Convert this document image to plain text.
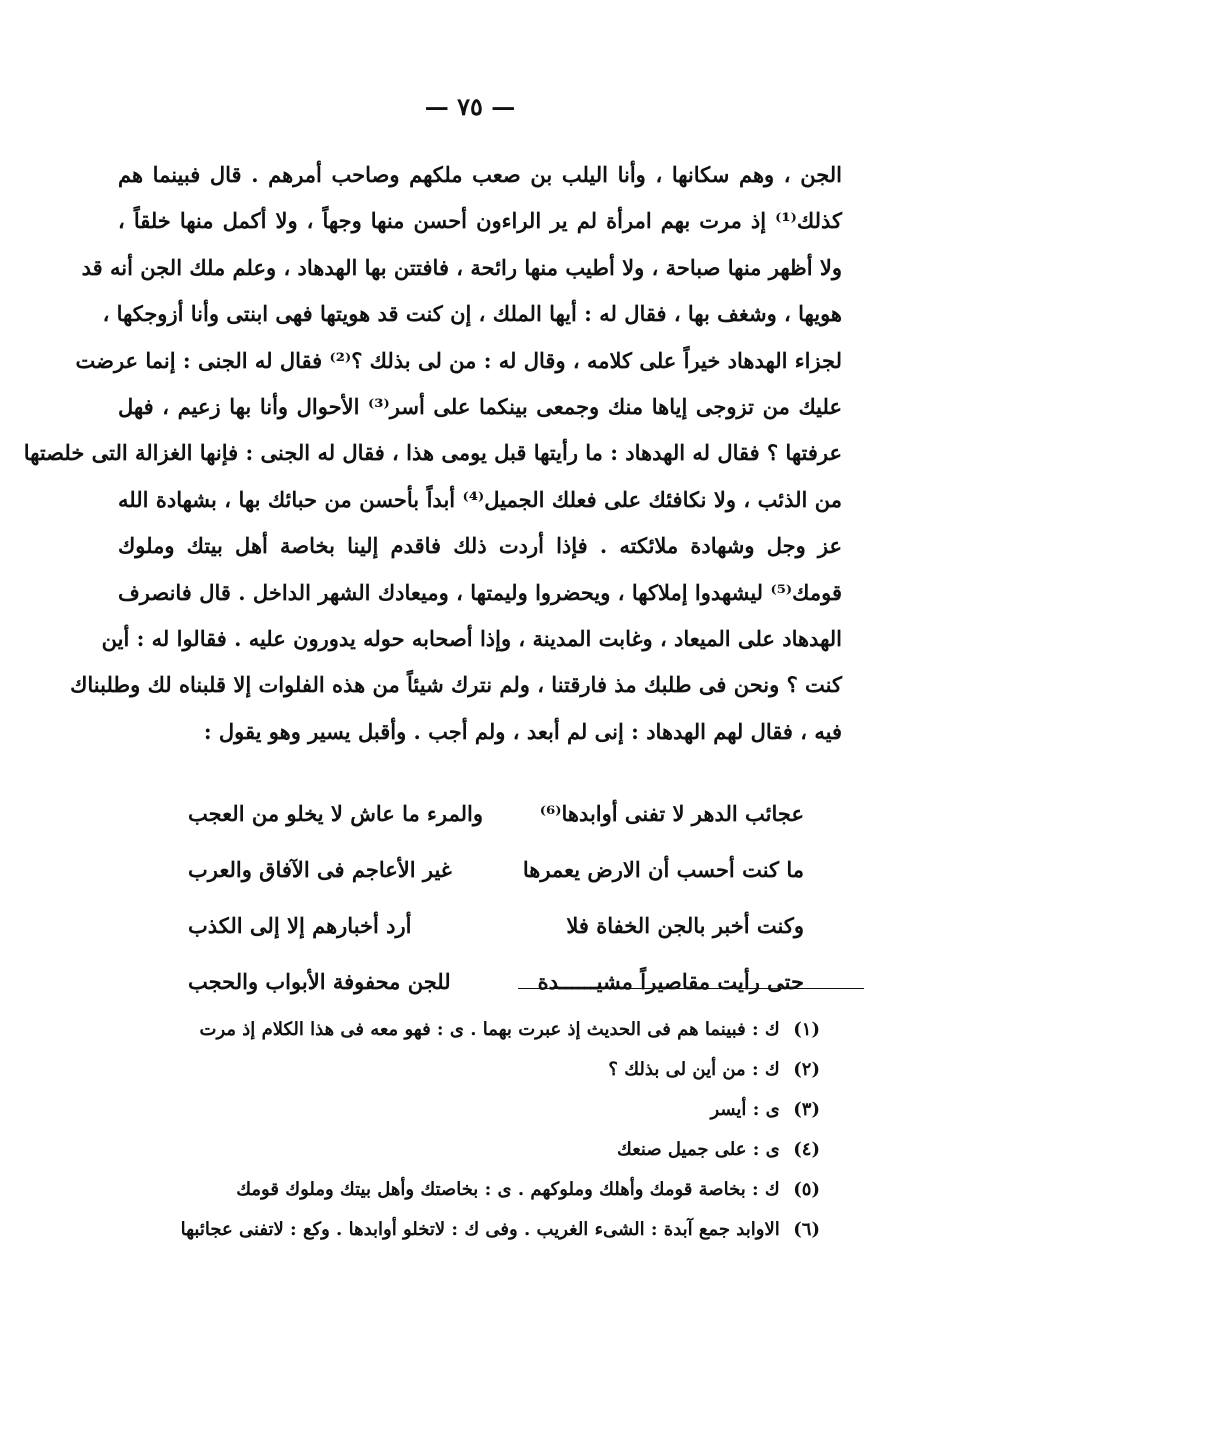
— ٧٥ —
الجن ، وهم سكانها ، وأنا اليلب بن صعب ملكهم وصاحب أمرهم . قال فبينما هم
كذلك⁽¹⁾ إذ مرت بهم امرأة لم ير الراءون أحسن منها وجهاً ، ولا أكمل منها خلقاً ،
ولا أظهر منها صباحة ، ولا أطيب منها رائحة ، فافتتن بها الهدهاد ، وعلم ملك الجن أنه قد
هويها ، وشغف بها ، فقال له : أيها الملك ، إن كنت قد هويتها فهى ابنتى وأنا أزوجكها ،
لجزاء الهدهاد خيراً على كلامه ، وقال له : من لى بذلك ؟⁽²⁾ فقال له الجنى : إنما عرضت
عليك من تزوجى إياها منك وجمعى بينكما على أسر⁽³⁾ الأحوال وأنا بها زعيم ، فهل
عرفتها ؟ فقال له الهدهاد : ما رأيتها قبل يومى هذا ، فقال له الجنى : فإنها الغزالة التى خلصتها
من الذئب ، ولا نكافئك على فعلك الجميل⁽⁴⁾ أبداً بأحسن من حبائك بها ، بشهادة الله
عز وجل وشهادة ملائكته . فإذا أردت ذلك فاقدم إلينا بخاصة أهل بيتك وملوك
قومك⁽⁵⁾ ليشهدوا إملاكها ، ويحضروا وليمتها ، وميعادك الشهر الداخل . قال فانصرف
الهدهاد على الميعاد ، وغابت المدينة ، وإذا أصحابه حوله يدورون عليه . فقالوا له : أين
كنت ؟ ونحن فى طلبك مذ فارقتنا ، ولم نترك شيئاً من هذه الفلوات إلا قلبناه لك وطلبناك
فيه ، فقال لهم الهدهاد : إنى لم أبعد ، ولم أجب . وأقبل يسير وهو يقول :
عجائب الدهر لا تفنى أوابدها⁽⁶⁾
والمرء ما عاش لا يخلو من العجب
ما كنت أحسب أن الارض يعمرها
غير الأعاجم فى الآفاق والعرب
وكنت أخبر بالجن الخفاة فلا
أرد أخبارهم إلا إلى الكذب
حتى رأيت مقاصيراً مشيــــــدة
للجن محفوفة الأبواب والحجب
(١) ك : فبينما هم فى الحديث إذ عبرت بهما . ى : فهو معه فى هذا الكلام إذ مرت
(٢) ك : من أين لى بذلك ؟
(٣) ى : أيسر
(٤) ى : على جميل صنعك
(٥) ك : بخاصة قومك وأهلك وملوكهم . ى : بخاصتك وأهل بيتك وملوك قومك
(٦) الاوابد جمع آبدة : الشىء الغريب . وفى ك : لاتخلو أوابدها . وكع : لاتفنى عجائبها
